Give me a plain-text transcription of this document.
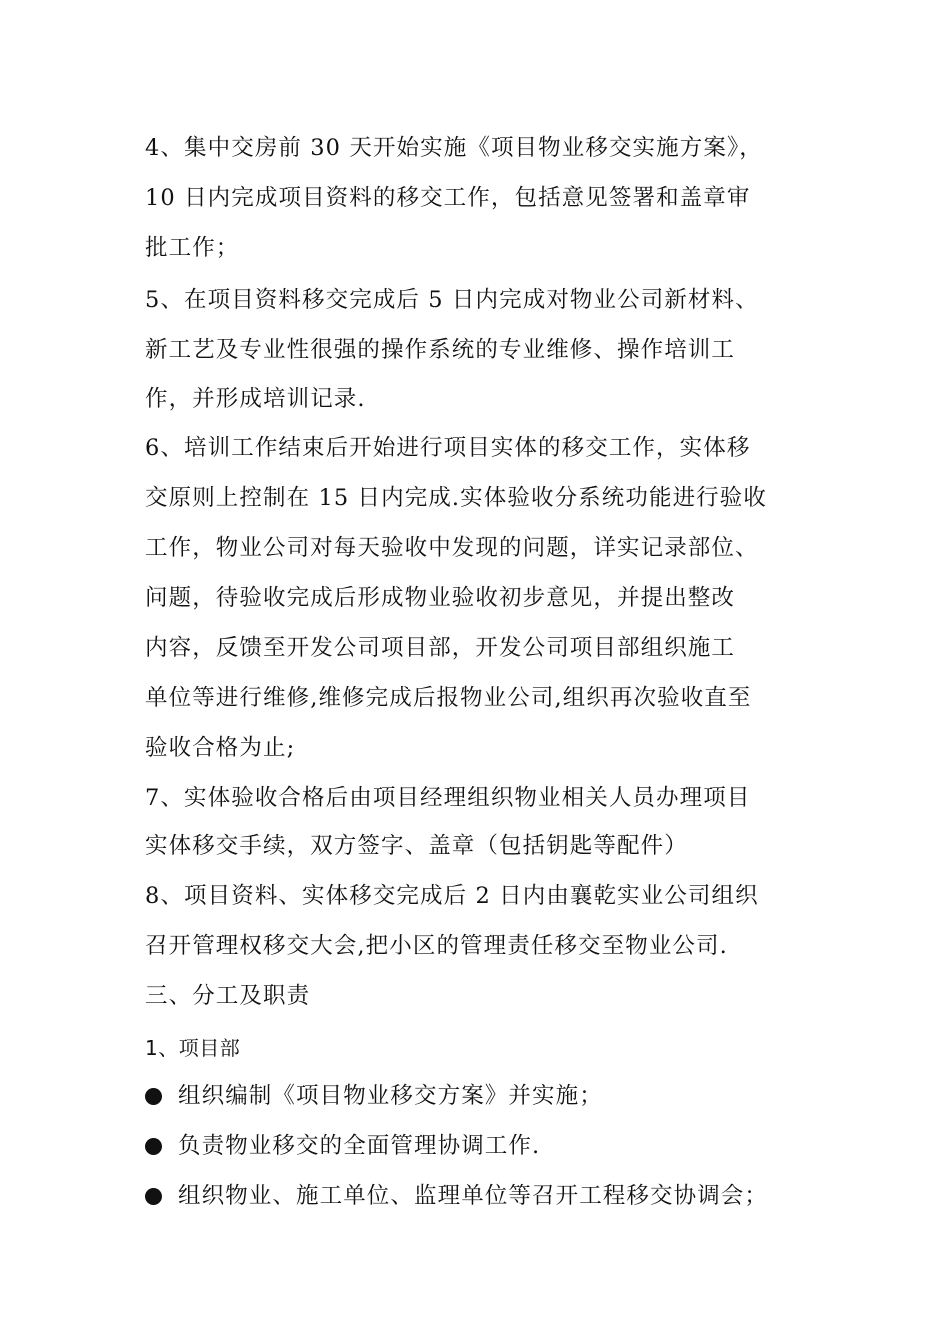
4、集中交房前 30 天开始实施《项目物业移交实施方案》，
10 日内完成项目资料的移交工作，包括意见签署和盖章审
批工作；
5、在项目资料移交完成后 5 日内完成对物业公司新材料、
新工艺及专业性很强的操作系统的专业维修、操作培训工
作，并形成培训记录.
6、培训工作结束后开始进行项目实体的移交工作，实体移
交原则上控制在 15 日内完成.实体验收分系统功能进行验收
工作，物业公司对每天验收中发现的问题，详实记录部位、
问题，待验收完成后形成物业验收初步意见，并提出整改
内容，反馈至开发公司项目部，开发公司项目部组织施工
单位等进行维修,维修完成后报物业公司,组织再次验收直至
验收合格为止;
7、实体验收合格后由项目经理组织物业相关人员办理项目
实体移交手续，双方签字、盖章（包括钥匙等配件）
8、项目资料、实体移交完成后 2 日内由襄乾实业公司组织
召开管理权移交大会,把小区的管理责任移交至物业公司.
三、分工及职责
1、项目部
组织编制《项目物业移交方案》并实施；
负责物业移交的全面管理协调工作.
组织物业、施工单位、监理单位等召开工程移交协调会；
